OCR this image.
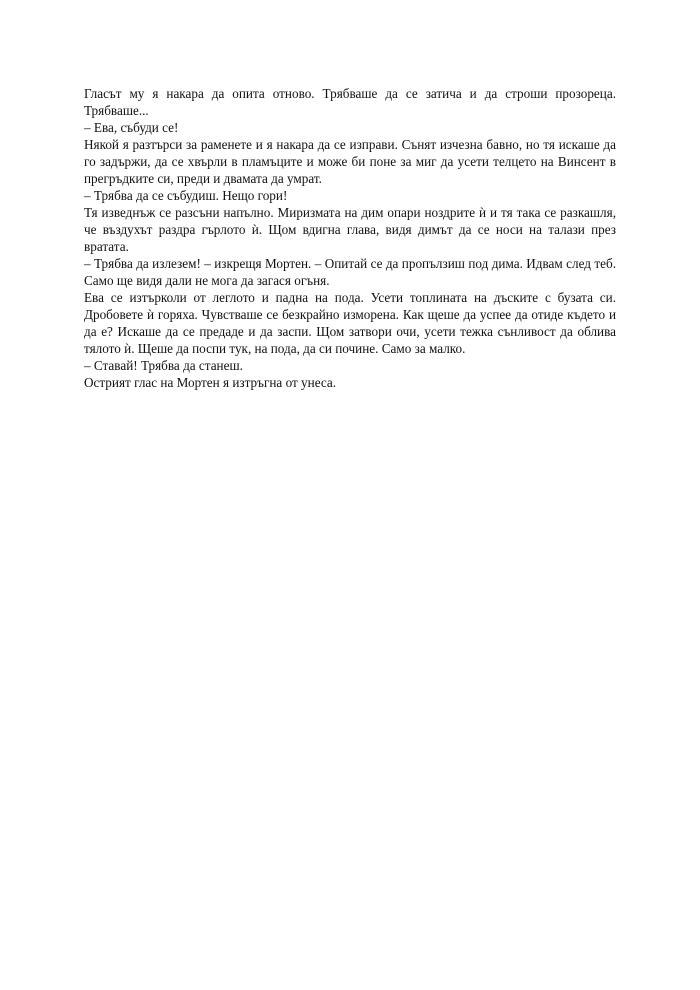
Гласът му я накара да опита отново. Трябваше да се затича и да строши прозореца. Трябваше...

– Ева, събуди се!

Някой я разтърси за раменете и я накара да се изправи. Сънят изчезна бавно, но тя искаше да го задържи, да се хвърли в пламъците и може би поне за миг да усети телцето на Винсент в прегръдките си, преди и двамата да умрат.

– Трябва да се събудиш. Нещо гори!

Тя изведнъж се разсъни напълно. Миризмата на дим опари ноздрите ѝ и тя така се разкашля, че въздухът раздра гърлото ѝ. Щом вдигна глава, видя димът да се носи на талази през вратата.

– Трябва да излезем! – изкрещя Мортен. – Опитай се да пропълзиш под дима. Идвам след теб. Само ще видя дали не мога да загася огъня.

Ева се изтърколи от леглото и падна на пода. Усети топлината на дъските с бузата си. Дробовете ѝ горяха. Чувстваше се безкрайно изморена. Как щеше да успее да отиде където и да е? Искаше да се предаде и да заспи. Щом затвори очи, усети тежка сънливост да облива тялото ѝ. Щеше да поспи тук, на пода, да си почине. Само за малко.

– Ставай! Трябва да станеш.

Острият глас на Мортен я изтръгна от унеса.
